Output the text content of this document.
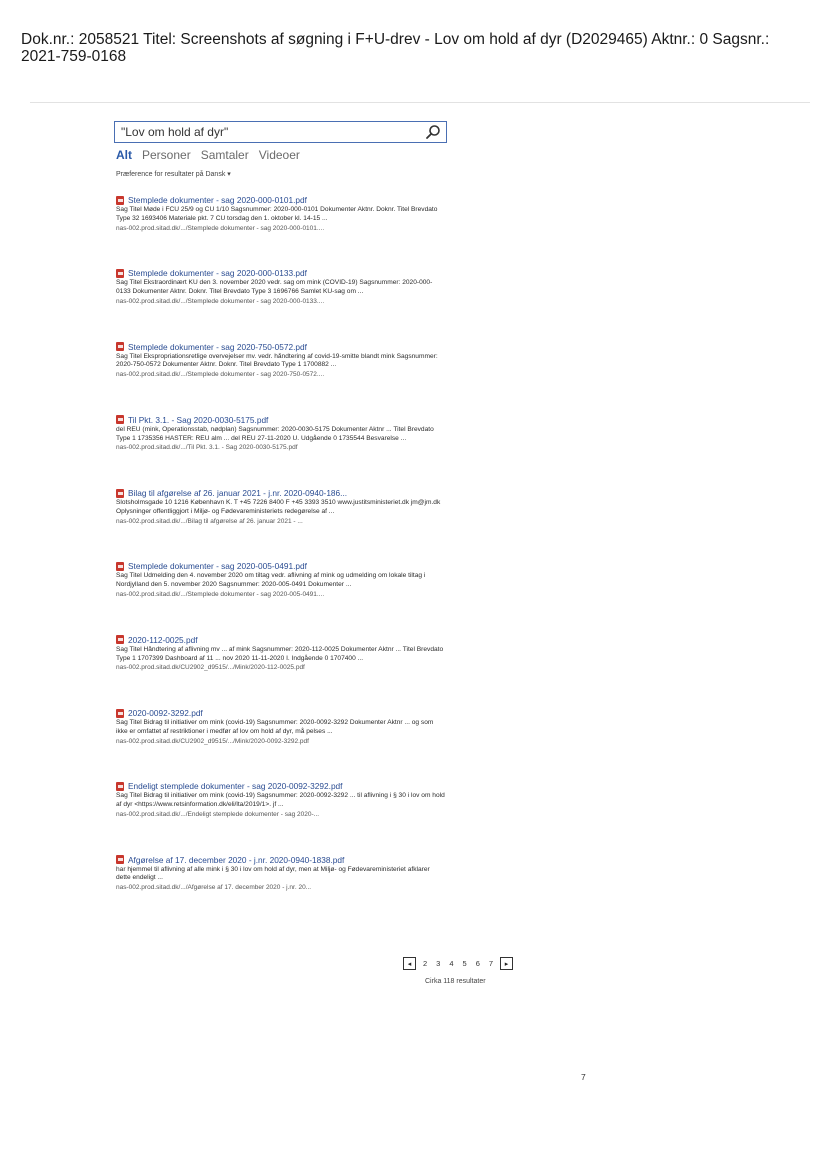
Dok.nr.: 2058521 Titel: Screenshots af søgning i F+U-drev - Lov om hold af dyr (D2029465) Aktnr.: 0 Sagsnr.: 2021-759-0168
"Lov om hold af dyr"
Alt Personer Samtaler Videoer
Præference for resultater på Dansk ▾
Stemplede dokumenter - sag 2020-000-0101.pdf
Sag Titel Møde i FCU 25/9 og CU 1/10 Sagsnummer: 2020-000-0101 Dokumenter Aktnr. Doknr. Titel Brevdato Type 32 1693406 Materiale pkt. 7 CU torsdag den 1. oktober kl. 14-15 ...
nas-002.prod.sitad.dk/.../Stemplede dokumenter - sag 2020-000-0101....
Stemplede dokumenter - sag 2020-000-0133.pdf
Sag Titel Ekstraordinært KU den 3. november 2020 vedr. sag om mink (COVID-19) Sagsnummer: 2020-000-0133 Dokumenter Aktnr. Doknr. Titel Brevdato Type 3 1696766 Samlet KU-sag om ...
nas-002.prod.sitad.dk/.../Stemplede dokumenter - sag 2020-000-0133....
Stemplede dokumenter - sag 2020-750-0572.pdf
Sag Titel Ekspropriationsretlige overvejelser mv. vedr. håndtering af covid-19-smitte blandt mink Sagsnummer: 2020-750-0572 Dokumenter Aktnr. Doknr. Titel Brevdato Type 1 1700882 ...
nas-002.prod.sitad.dk/.../Stemplede dokumenter - sag 2020-750-0572....
Til Pkt. 3.1. - Sag 2020-0030-5175.pdf
del REU (mink, Operationsstab, nødplan) Sagsnummer: 2020-0030-5175 Dokumenter Aktnr ... Titel Brevdato Type 1 1735356 HASTER: REU alm ... del REU 27-11-2020 U. Udgående 0 1735544 Besvarelse ...
nas-002.prod.sitad.dk/.../Til Pkt. 3.1. - Sag 2020-0030-5175.pdf
Bilag til afgørelse af 26. januar 2021 - j.nr. 2020-0940-186...
Slotsholmsgade 10 1216 København K. T +45 7226 8400 F +45 3393 3510 www.justitsministeriet.dk jm@jm.dk Oplysninger offentliggjort i Miljø- og Fødevareministeriets redegørelse af ...
nas-002.prod.sitad.dk/.../Bilag til afgørelse af 26. januar 2021 - ...
Stemplede dokumenter - sag 2020-005-0491.pdf
Sag Titel Udmelding den 4. november 2020 om tiltag vedr. aflivning af mink og udmelding om lokale tiltag i Nordjylland den 5. november 2020 Sagsnummer: 2020-005-0491 Dokumenter ...
nas-002.prod.sitad.dk/.../Stemplede dokumenter - sag 2020-005-0491....
2020-112-0025.pdf
Sag Titel Håndtering af aflivning mv ... af mink Sagsnummer: 2020-112-0025 Dokumenter Aktnr ... Titel Brevdato Type 1 1707399 Dashboard af 11 ... nov 2020 11-11-2020 I. Indgående 0 1707400 ...
nas-002.prod.sitad.dk/CU2902_d9515/.../Mink/2020-112-0025.pdf
2020-0092-3292.pdf
Sag Titel Bidrag til initiativer om mink (covid-19) Sagsnummer: 2020-0092-3292 Dokumenter Aktnr ... og som ikke er omfattet af restriktioner i medfør af lov om hold af dyr, må pelses ...
nas-002.prod.sitad.dk/CU2902_d9515/.../Mink/2020-0092-3292.pdf
Endeligt stemplede dokumenter - sag 2020-0092-3292.pdf
Sag Titel Bidrag til initiativer om mink (covid-19) Sagsnummer: 2020-0092-3292 ... til aflivning i § 30 i lov om hold af dyr <https://www.retsinformation.dk/eli/lta/2019/1>. jf ...
nas-002.prod.sitad.dk/.../Endeligt stemplede dokumenter - sag 2020-...
Afgørelse af 17. december 2020 - j.nr. 2020-0940-1838.pdf
har hjemmel til aflivning af alle mink i § 30 i lov om hold af dyr, men at Miljø- og Fødevareministeriet afklarer dette endeligt ...
nas-002.prod.sitad.dk/.../Afgørelse af 17. december 2020 - j.nr. 20...
◂	2 3 4 5 6 7	▸
Cirka 118 resultater
7
